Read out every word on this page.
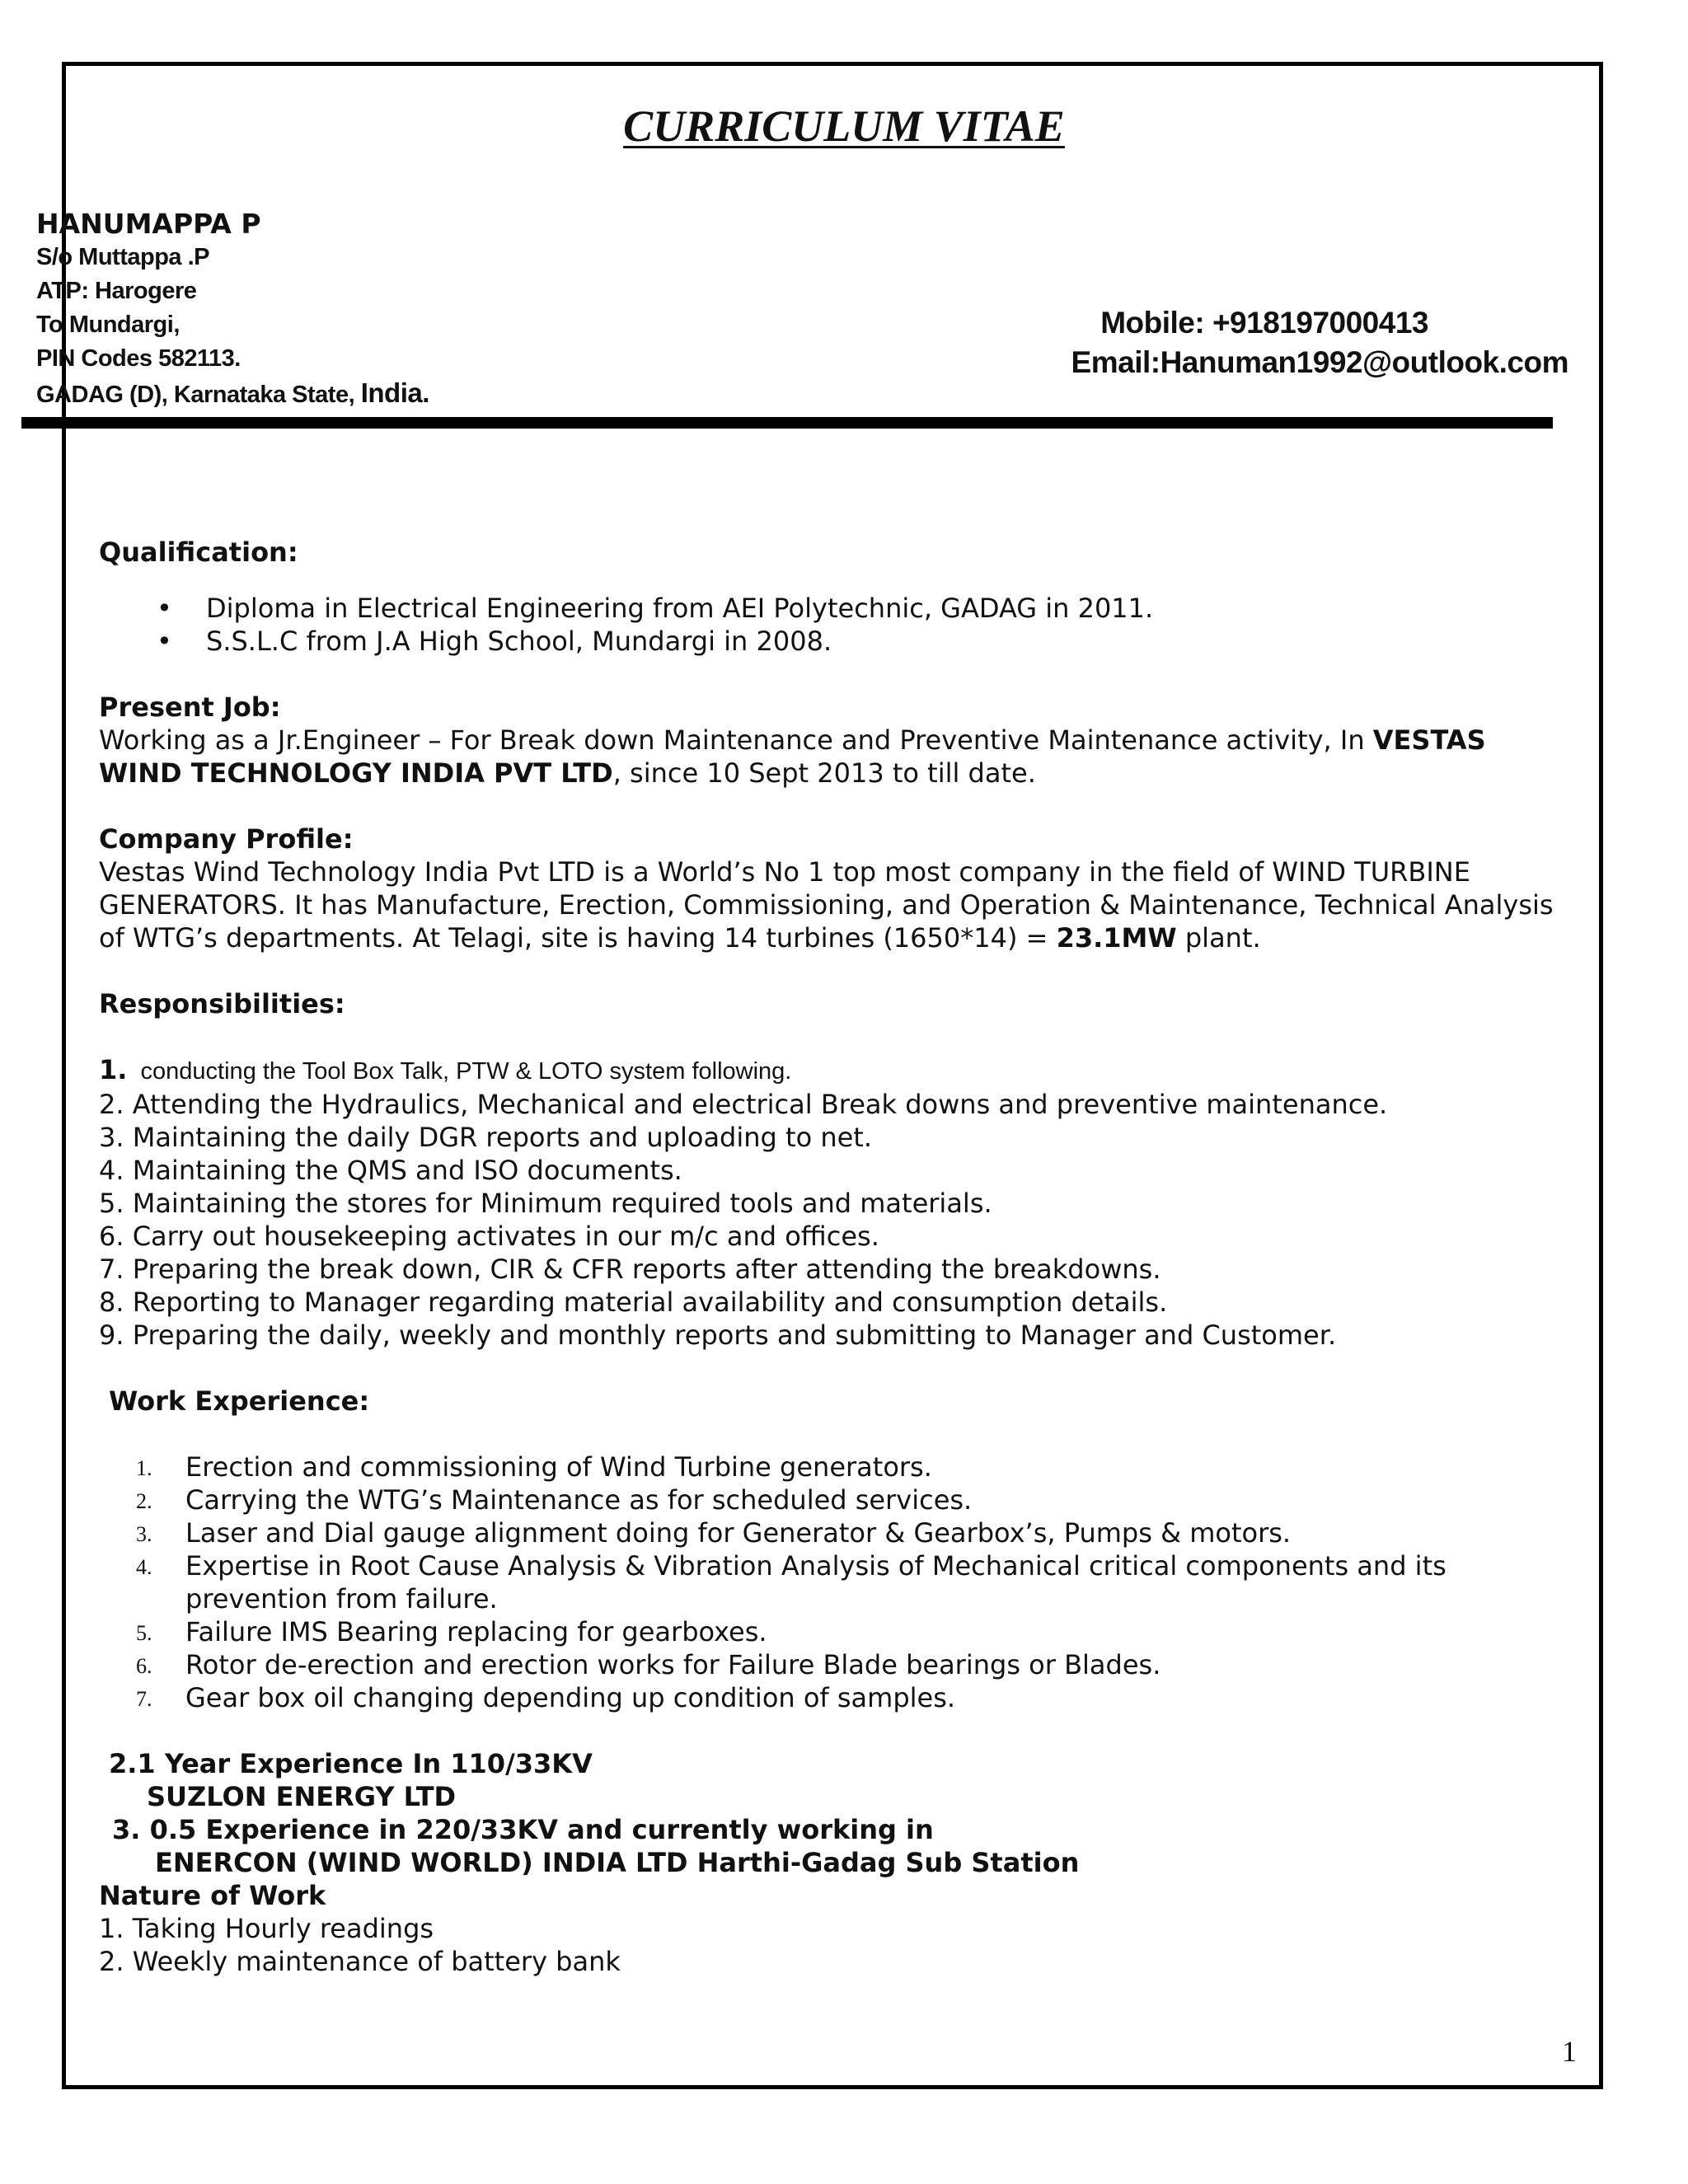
CURRICULUM VITAE
HANUMAPPA P
S/o Muttappa .P
ATP: Harogere
To Mundargi,
PIN Codes 582113.
GADAG (D), Karnataka State, India.
Mobile: +918197000413
Email:Hanuman1992@outlook.com

Qualification:

• Diploma in Electrical Engineering from AEI Polytechnic, GADAG in 2011.
• S.S.L.C from J.A High School, Mundargi in 2008.

Present Job:

Working as a Jr.Engineer – For Break down Maintenance and Preventive Maintenance activity, In VESTAS WIND TECHNOLOGY INDIA PVT LTD, since 10 Sept 2013 to till date.

Company Profile:

Vestas Wind Technology India Pvt LTD is a World’s No 1 top most company in the field of WIND TURBINE GENERATORS. It has Manufacture, Erection, Commissioning, and Operation & Maintenance, Technical Analysis of WTG’s departments. At Telagi, site is having 14 turbines (1650*14) = 23.1MW plant.

Responsibilities:

1. conducting the Tool Box Talk, PTW & LOTO system following.

2. Attending the Hydraulics, Mechanical and electrical Break downs and preventive maintenance.

3. Maintaining the daily DGR reports and uploading to net.

4. Maintaining the QMS and ISO documents.

5. Maintaining the stores for Minimum required tools and materials.

6. Carry out housekeeping activates in our m/c and offices.

7. Preparing the break down, CIR & CFR reports after attending the breakdowns.

8. Reporting to Manager regarding material availability and consumption details.

9. Preparing the daily, weekly and monthly reports and submitting to Manager and Customer.

Work Experience:

1. Erection and commissioning of Wind Turbine generators.
2. Carrying the WTG’s Maintenance as for scheduled services.
3. Laser and Dial gauge alignment doing for Generator & Gearbox’s, Pumps & motors.
4. Expertise in Root Cause Analysis & Vibration Analysis of Mechanical critical components and its prevention from failure.
5. Failure IMS Bearing replacing for gearboxes.
6. Rotor de-erection and erection works for Failure Blade bearings or Blades.
7. Gear box oil changing depending up condition of samples.

2.1 Year Experience In 110/33KV

SUZLON ENERGY LTD

3. 0.5 Experience in 220/33KV and currently working in

ENERCON (WIND WORLD) INDIA LTD Harthi-Gadag Sub Station

Nature of Work

1. Taking Hourly readings

2. Weekly maintenance of battery bank

1
